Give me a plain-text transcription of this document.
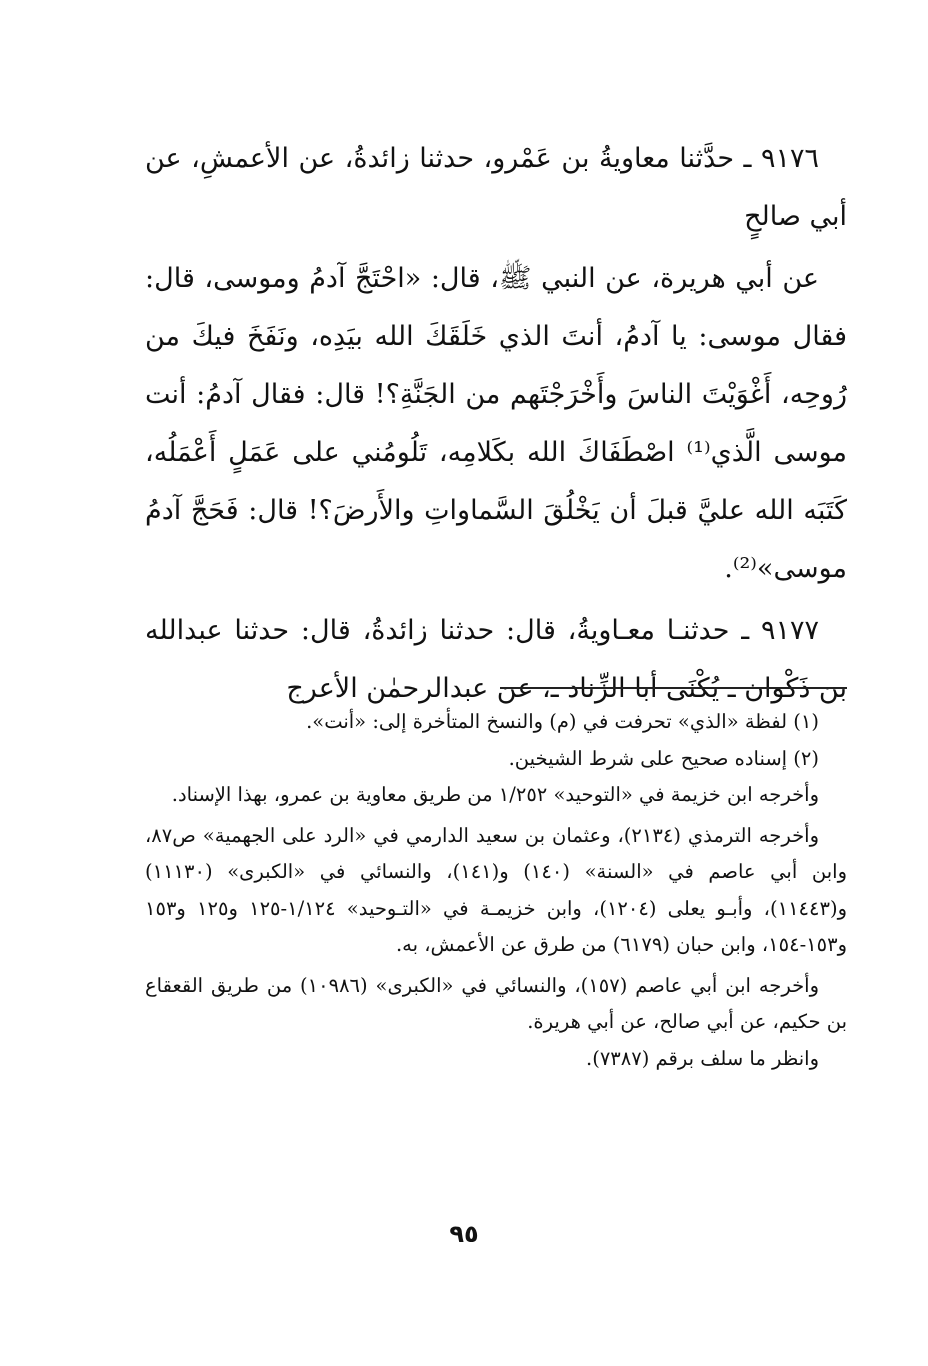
٩١٧٦ ـ حدَّثنا معاويةُ بن عَمْرو، حدثنا زائدةُ، عن الأعمشِ، عن أبي صالحٍ

عن أبي هريرة، عن النبي ﷺ، قال: «احْتَجَّ آدمُ وموسى، قال: فقال موسى: يا آدمُ، أنتَ الذي خَلَقَكَ الله بيَدِه، ونَفَخَ فيكَ من رُوحِه، أَغْوَيْتَ الناسَ وأَخْرَجْتَهم من الجَنَّةِ؟! قال: فقال آدمُ: أنت موسى الَّذي⁽¹⁾ اصْطَفَاكَ الله بكَلامِه، تَلُومُني على عَمَلٍ أَعْمَلُه، كَتَبَه الله عليَّ قبلَ أن يَخْلُقَ السَّماواتِ والأَرضَ؟! قال: فَحَجَّ آدمُ موسى»⁽²⁾.

٩١٧٧ ـ حدثنـا معـاويةُ، قال: حدثنا زائدةُ، قال: حدثنا عبدالله بن ذَكْوان ـ يُكْنَى أبا الزِّناد ـ، عن عبدالرحمٰن الأعرج

(١) لفظة «الذي» تحرفت في (م) والنسخ المتأخرة إلى: «أنت».

(٢) إسناده صحيح على شرط الشيخين.

وأخرجه ابن خزيمة في «التوحيد» ١/٢٥٢ من طريق معاوية بن عمرو، بهذا الإسناد.

وأخرجه الترمذي (٢١٣٤)، وعثمان بن سعيد الدارمي في «الرد على الجهمية» ص٨٧، وابن أبي عاصم في «السنة» (١٤٠) و(١٤١)، والنسائي في «الكبرى» (١١١٣٠) و(١١٤٤٣)، وأبـو يعلى (١٢٠٤)، وابن خزيمـة في «التـوحيد» ١/١٢٤-١٢٥ و١٢٥ و١٥٣ و١٥٣-١٥٤، وابن حبان (٦١٧٩) من طرق عن الأعمش، به.

وأخرجه ابن أبي عاصم (١٥٧)، والنسائي في «الكبرى» (١٠٩٨٦) من طريق القعقاع بن حكيم، عن أبي صالح، عن أبي هريرة.

وانظر ما سلف برقم (٧٣٨٧).

٩٥
